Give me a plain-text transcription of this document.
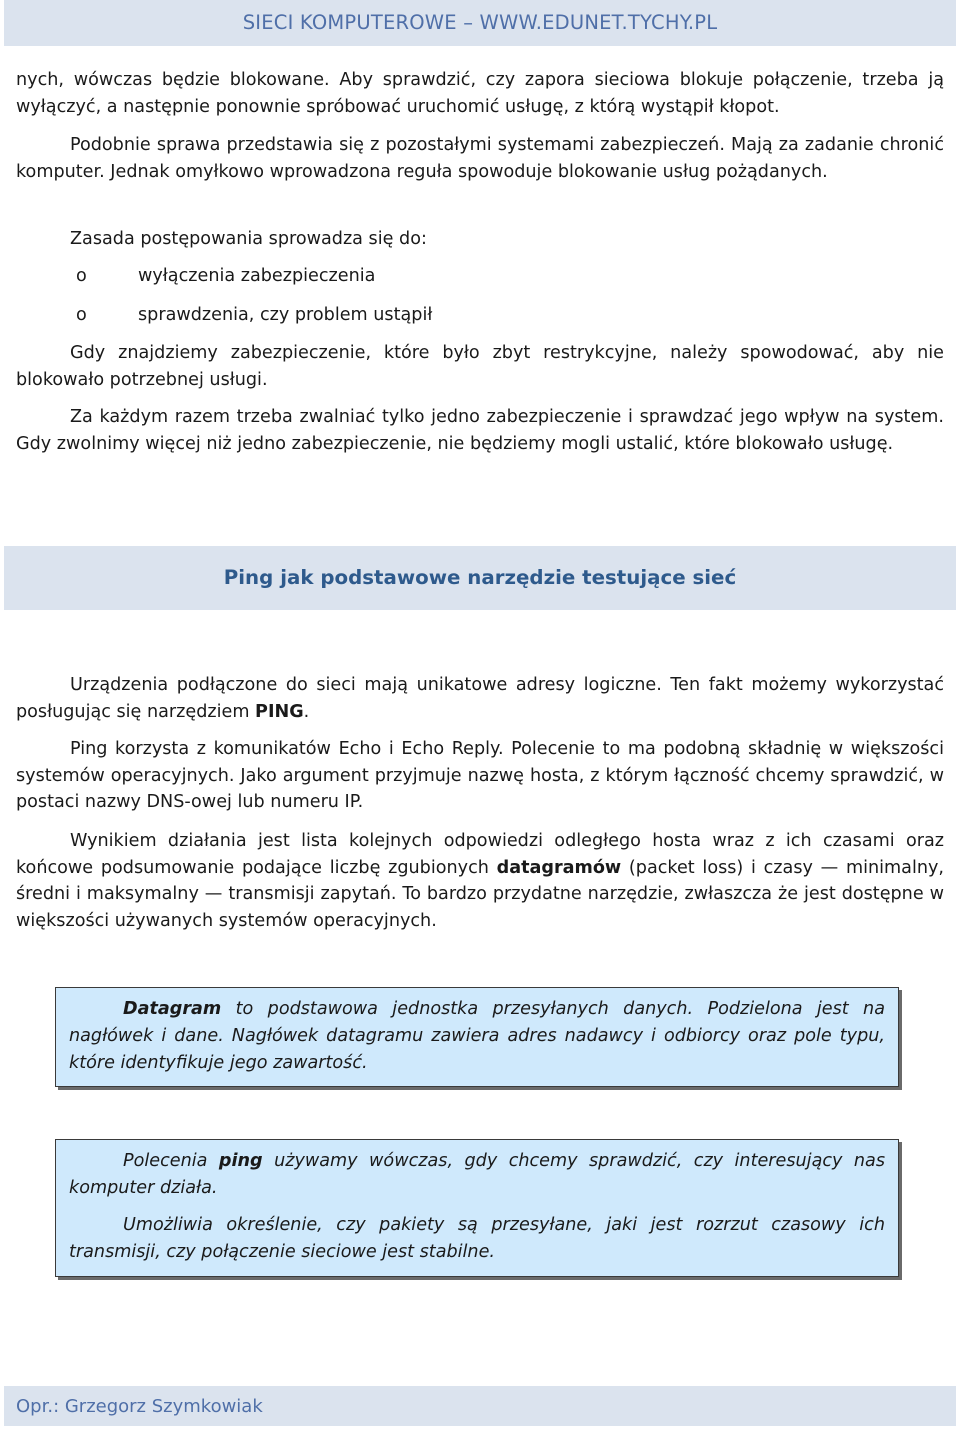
SIECI KOMPUTEROWE – WWW.EDUNET.TYCHY.PL

nych, wówczas będzie blokowane. Aby sprawdzić, czy zapora sieciowa blokuje połączenie, trzeba ją wyłączyć, a następnie ponownie spróbować uruchomić usługę, z którą wystąpił kłopot.

Podobnie sprawa przedstawia się z pozostałymi systemami zabezpieczeń. Mają za zadanie chronić komputer. Jednak omyłkowo wprowadzona reguła spowoduje blokowanie usług pożądanych.

Zasada postępowania sprowadza się do:

o	wyłączenia zabezpieczenia
o	sprawdzenia, czy problem ustąpił

Gdy znajdziemy zabezpieczenie, które było zbyt restrykcyjne, należy spowodować, aby nie blokowało potrzebnej usługi.

Za każdym razem trzeba zwalniać tylko jedno zabezpieczenie i sprawdzać jego wpływ na system. Gdy zwolnimy więcej niż jedno zabezpieczenie, nie będziemy mogli ustalić, które blokowało usługę.

Ping jak podstawowe narzędzie testujące sieć

Urządzenia podłączone do sieci mają unikatowe adresy logiczne. Ten fakt możemy wykorzystać posługując się narzędziem PING.

Ping korzysta z komunikatów Echo i Echo Reply. Polecenie to ma podobną składnię w większości systemów operacyjnych. Jako argument przyjmuje nazwę hosta, z którym łączność chcemy sprawdzić, w postaci nazwy DNS-owej lub numeru IP.

Wynikiem działania jest lista kolejnych odpowiedzi odległego hosta wraz z ich czasami oraz końcowe podsumowanie podające liczbę zgubionych datagramów (packet loss) i czasy — minimalny, średni i maksymalny — transmisji zapytań. To bardzo przydatne narzędzie, zwłaszcza że jest dostępne w większości używanych systemów operacyjnych.

Datagram to podstawowa jednostka przesyłanych danych. Podzielona jest na nagłówek i dane. Nagłówek datagramu zawiera adres nadawcy i odbiorcy oraz pole typu, które identyfikuje jego zawartość.

Polecenia ping używamy wówczas, gdy chcemy sprawdzić, czy interesujący nas komputer działa.

Umożliwia określenie, czy pakiety są przesyłane, jaki jest rozrzut czasowy ich transmisji, czy połączenie sieciowe jest stabilne.

Opr.: Grzegorz Szymkowiak
